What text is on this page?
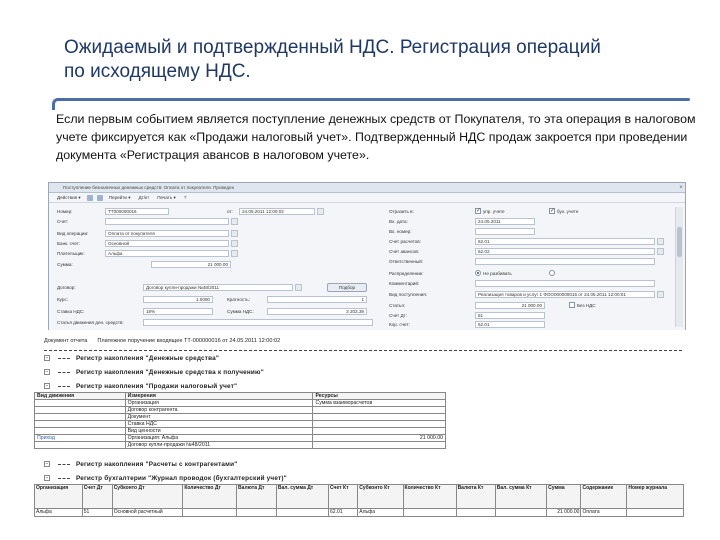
Ожидаемый и подтвержденный НДС. Регистрация операций
по исходящему НДС.
Если первым событием является поступление денежных средств от Покупателя, то эта операция в налоговом учете фиксируется как «Продажи налоговый учет». Подтвержденный НДС продаж закроется при проведении документа «Регистрация авансов в налоговом учете».
Поступление безналичных денежных средств: Оплата от покупателя. Проведен	×
Действия ▾	Перейти ▾	Дт/кт	Печать ▾	?
Номер:	ТТ000000016	от:	24.05.2011 12:00:02
Счет:
Вид операции:	Оплата от покупателя
Банк. счет:	Основной
Плательщик:	Альфа
Сумма:	21 000.00
Договор:	Договор купли-продажи №48/2011	Подбор
Курс:	1.0000	Кратность:	1
Ставка НДС:	18%	Сумма НДС:	3 203.39
Статья движения ден. средств:
Отразить в: ✓	упр. учете ✓	бух. учете
Вх. дата:	24.05.2011
Вх. номер:
Счет расчетов:	62.01
Счет авансов:	62.02
Ответственный:
Распределение:	Не разбивать
Комментарий:
Вид поступления:	Реализация товаров и услуг 1 ФОО000000015 от 24.05.2011 12:00:01
Статья:	21 000.00	Без НДС
Счет Дт:	51
Кор. счет:	62.01
Документ отчета Платежное поручение входящее ТТ-000000016 от 24.05.2011 12:00:02
−	Регистр накопления "Денежные средства"
−	Регистр накопления "Денежные средства к получению"
−	Регистр накопления "Продажи налоговый учет"
−	Регистр накопления "Расчеты с контрагентами"
−	Регистр бухгалтерии "Журнал проводок (бухгалтерский учет)"
Вид движения	Измерения	Ресурсы
	Организация	Сумма взаиморасчетов
	Договор контрагента	
	Документ	
	Ставка НДС	
	Вид ценности	
Приход	Организация: Альфа	21 000.00
	Договор купли-продажи №48/2011	
Организация	Счет Дт	Субконто Дт	Количество Дт	Валюта Дт	Вал. сумма Дт	Счет Кт	Субконто Кт	Количество Кт	Валюта Кт	Вал. сумма Кт	Сумма	Содержание	Номер журнала
Альфа	51	Основной расчетный				62.01	Альфа				21 000.00	Оплата	
